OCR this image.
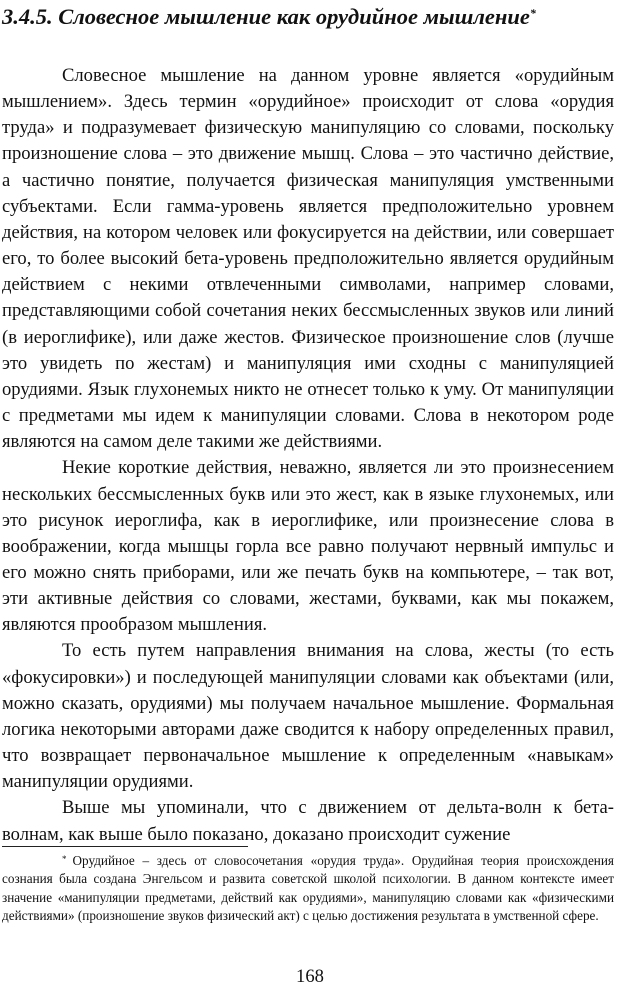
3.4.5. Словесное мышление как орудийное мышление*

Словесное мышление на данном уровне является «орудийным мышлением». Здесь термин «орудийное» происходит от слова «орудия труда» и подразумевает физическую манипуляцию со словами, поскольку произношение слова – это движение мышц. Слова – это частично действие, а частично понятие, получается физическая манипуляция умственными субъектами. Если гамма-уровень является предположительно уровнем действия, на котором человек или фокусируется на действии, или совершает его, то более высокий бета-уровень предположительно является орудийным действием с некими отвлеченными символами, например словами, представляющими собой сочетания неких бессмысленных звуков или линий (в иероглифике), или даже жестов. Физическое произношение слов (лучше это увидеть по жестам) и манипуляция ими сходны с манипуляцией орудиями. Язык глухонемых никто не отнесет только к уму. От манипуляции с предметами мы идем к манипуляции словами. Слова в некотором роде являются на самом деле такими же действиями.

Некие короткие действия, неважно, является ли это произнесением нескольких бессмысленных букв или это жест, как в языке глухонемых, или это рисунок иероглифа, как в иероглифике, или произнесение слова в воображении, когда мышцы горла все равно получают нервный импульс и его можно снять приборами, или же печать букв на компьютере, – так вот, эти активные действия со словами, жестами, буквами, как мы покажем, являются прообразом мышления.

То есть путем направления внимания на слова, жесты (то есть «фокусировки») и последующей манипуляции словами как объектами (или, можно сказать, орудиями) мы получаем начальное мышление. Формальная логика некоторыми авторами даже сводится к набору определенных правил, что возвращает первоначальное мышление к определенным «навыкам» манипуляции орудиями.

Выше мы упоминали, что с движением от дельта-волн к бета-волнам, как выше было показано, доказано происходит сужение

* Орудийное – здесь от словосочетания «орудия труда». Орудийная теория происхождения сознания была создана Энгельсом и развита советской школой психологии. В данном контексте имеет значение «манипуляции предметами, действий как орудиями», манипуляцию словами как «физическими действиями» (произношение звуков физический акт) с целью достижения результата в умственной сфере.

168
